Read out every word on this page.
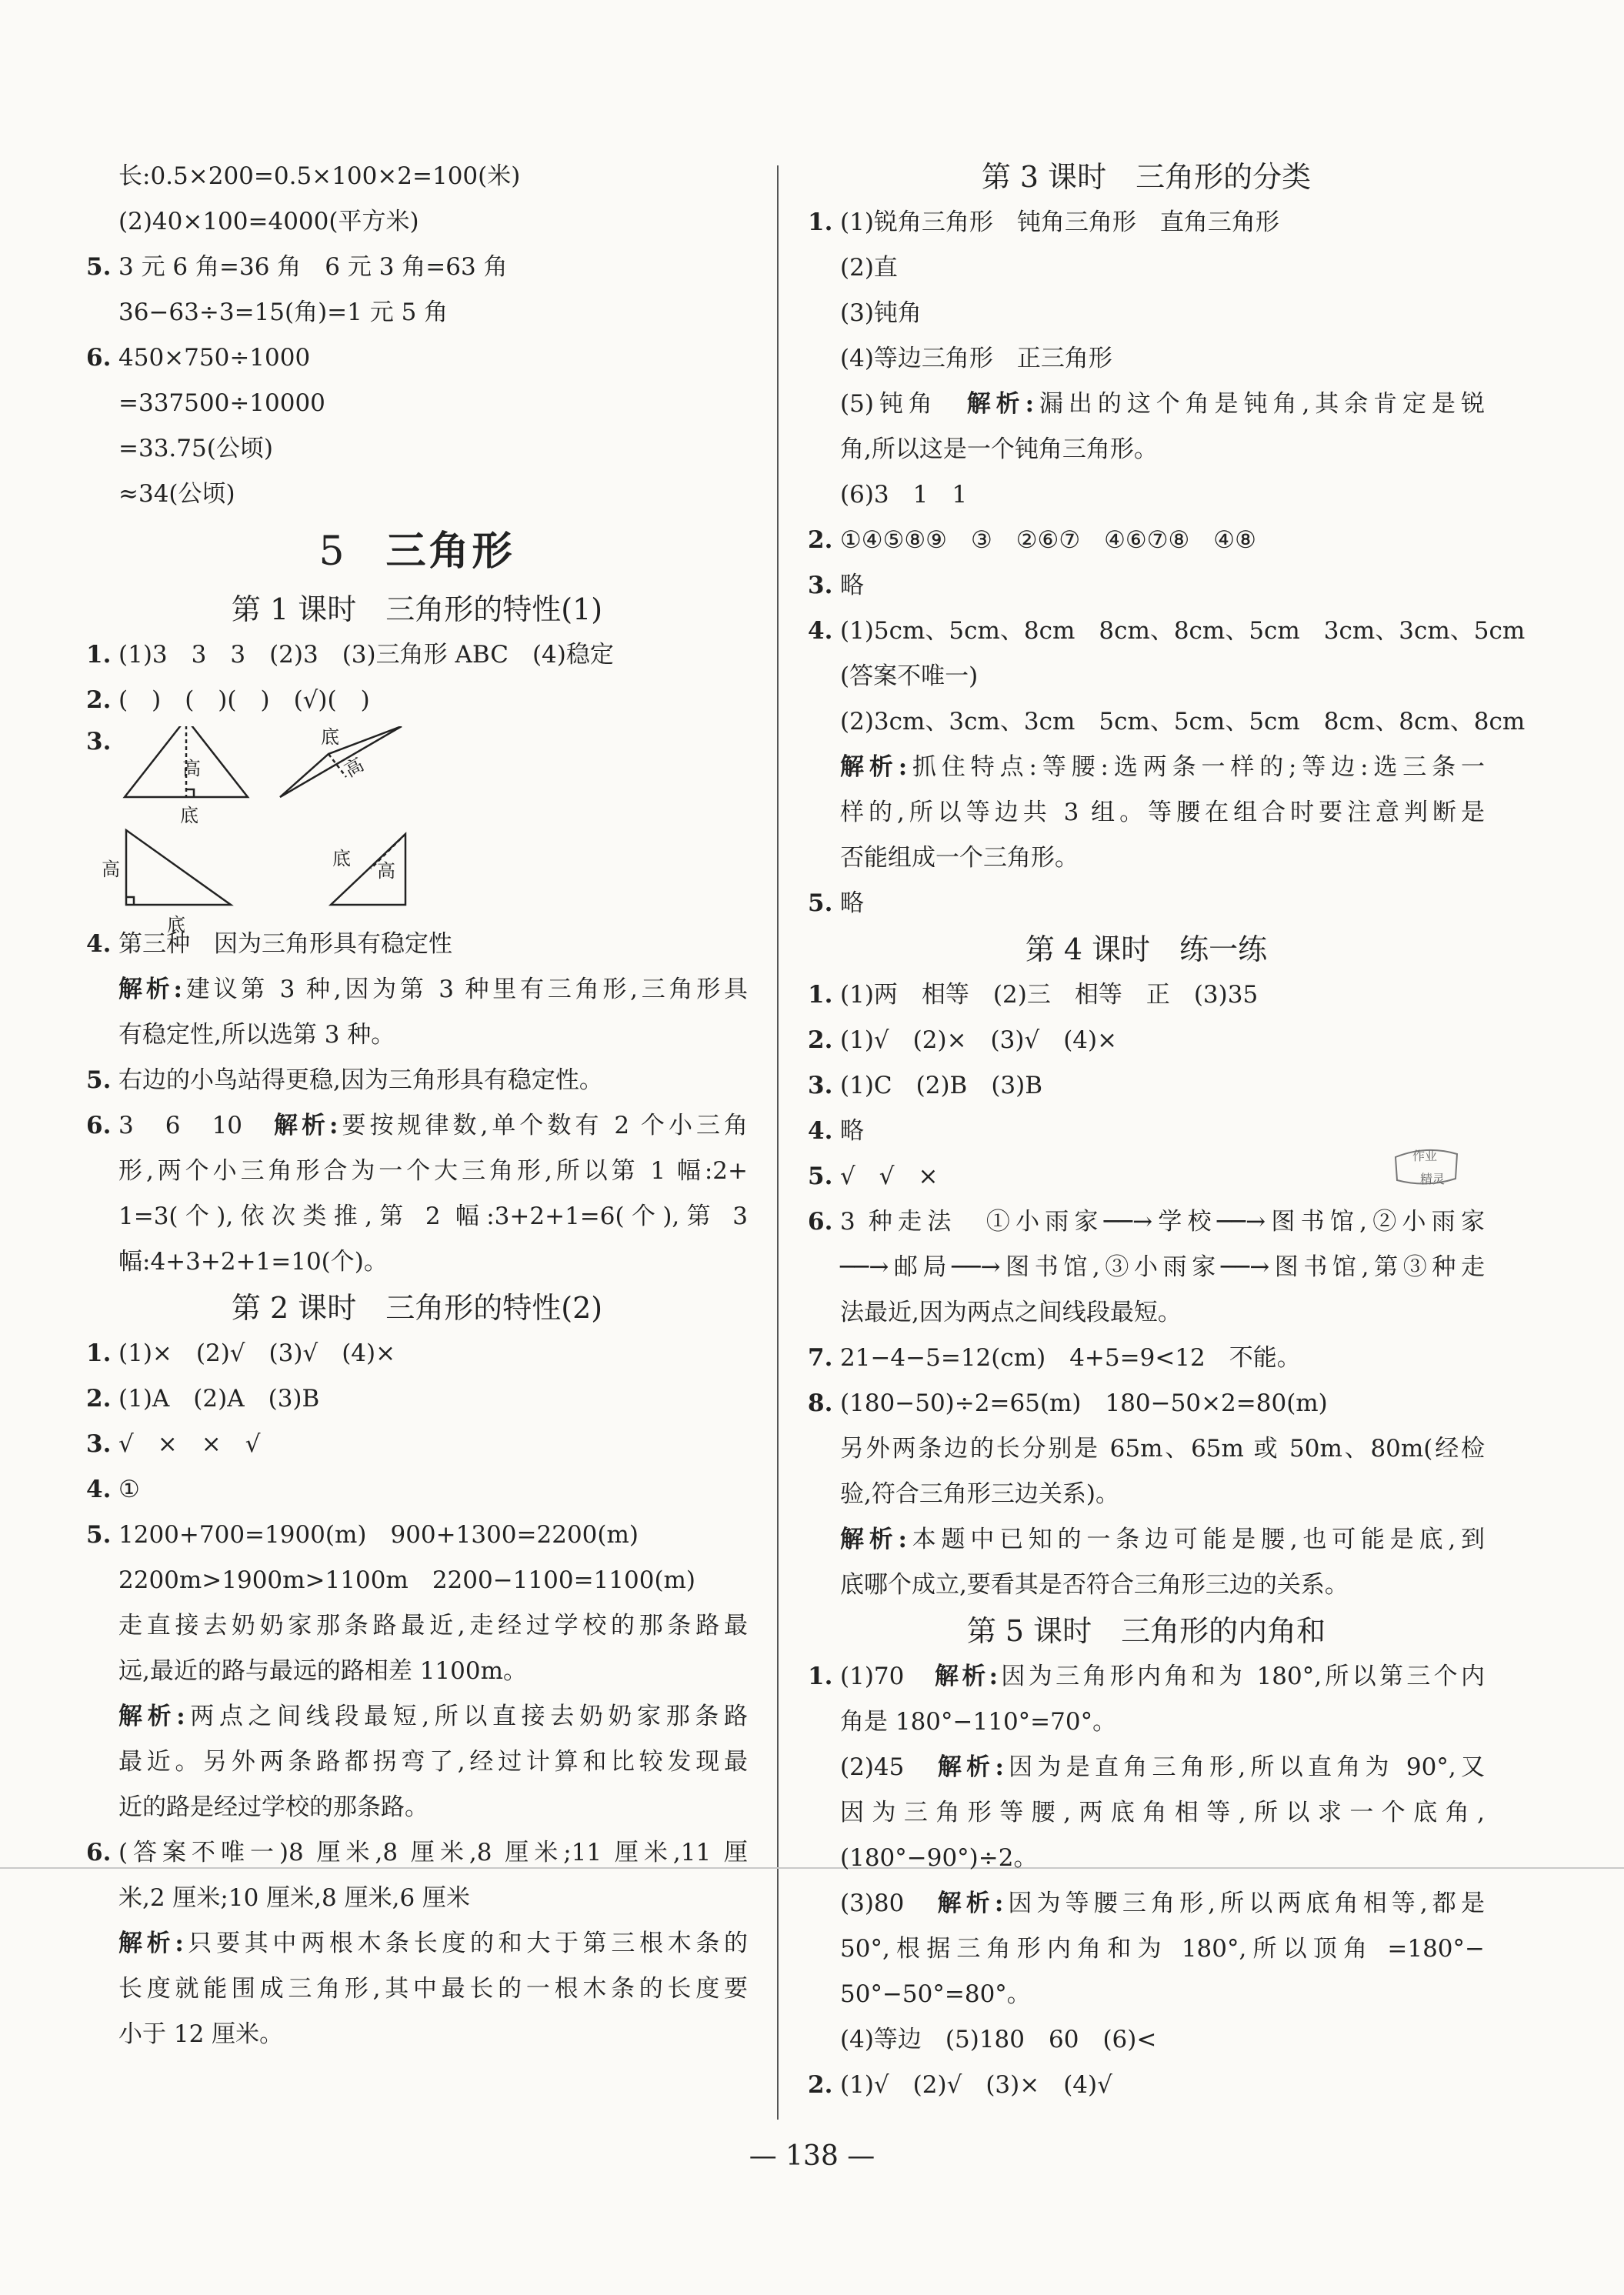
长:0.5×200=0.5×100×2=100(米)
(2)40×100=4000(平方米)
5. 3 元 6 角=36 角　6 元 3 角=63 角
36−63÷3=15(角)=1 元 5 角
6. 450×750÷1000
=337500÷10000
=33.75(公顷)
≈34(公顷)
5 三角形
第 1 课时　三角形的特性(1)
1. (1)3　3　3　(2)3　(3)三角形 ABC　(4)稳定
2. (　)　(　)(　)　(√)(　)
3.
高
底
底
高
高
底
底
高
4. 第三种　因为三角形具有稳定性
解析:建议第 3 种,因为第 3 种里有三角形,三角形具
有稳定性,所以选第 3 种。
5. 右边的小鸟站得更稳,因为三角形具有稳定性。
6. 3　6　10　 解析:要按规律数,单个数有 2 个小三角
形,两个小三角形合为一个大三角形,所以第 1 幅:2+
1=3(个),依次类推,第 2 幅:3+2+1=6(个),第 3
幅:4+3+2+1=10(个)。
第 2 课时　三角形的特性(2)
1. (1)×　(2)√　(3)√　(4)×
2. (1)A　(2)A　(3)B
3. √　×　×　√
4. ①
5. 1200+700=1900(m)　900+1300=2200(m)
2200m>1900m>1100m　2200−1100=1100(m)
走直接去奶奶家那条路最近,走经过学校的那条路最
远,最近的路与最远的路相差 1100m。
解析:两点之间线段最短,所以直接去奶奶家那条路
最近。另外两条路都拐弯了,经过计算和比较发现最
近的路是经过学校的那条路。
6. (答案不唯一)8 厘米,8 厘米,8 厘米;11 厘米,11 厘
米,2 厘米;10 厘米,8 厘米,6 厘米
解析:只要其中两根木条长度的和大于第三根木条的
长度就能围成三角形,其中最长的一根木条的长度要
小于 12 厘米。
第 3 课时　三角形的分类
1. (1)锐角三角形　钝角三角形　直角三角形
(2)直
(3)钝角
(4)等边三角形　正三角形
(5)钝角　 解析:漏出的这个角是钝角,其余肯定是锐
角,所以这是一个钝角三角形。
(6)3　1　1
2. ①④⑤⑧⑨　③　②⑥⑦　④⑥⑦⑧　④⑧
3. 略
4. (1)5cm、5cm、8cm　8cm、8cm、5cm　3cm、3cm、5cm
(答案不唯一)
(2)3cm、3cm、3cm　5cm、5cm、5cm　8cm、8cm、8cm
解析:抓住特点:等腰:选两条一样的;等边:选三条一
样的,所以等边共 3 组。等腰在组合时要注意判断是
否能组成一个三角形。
5. 略
第 4 课时　练一练
1. (1)两　相等　(2)三　相等　正　(3)35
2. (1)√　(2)×　(3)√　(4)×
3. (1)C　(2)B　(3)B
4. 略
5. √　√　×
6. 3 种走法　①小雨家──→学校──→图书馆,②小雨家
──→邮局──→图书馆,③小雨家──→图书馆,第③种走
法最近,因为两点之间线段最短。
7. 21−4−5=12(cm)　4+5=9<12　不能。
8. (180−50)÷2=65(m)　180−50×2=80(m)
另外两条边的长分别是 65m、65m 或 50m、80m(经检
验,符合三角形三边关系)。
解析:本题中已知的一条边可能是腰,也可能是底,到
底哪个成立,要看其是否符合三角形三边的关系。
第 5 课时　三角形的内角和
1. (1)70　 解析:因为三角形内角和为 180°,所以第三个内
角是 180°−110°=70°。
(2)45　 解析:因为是直角三角形,所以直角为 90°,又
因为三角形等腰,两底角相等,所以求一个底角,
(180°−90°)÷2。
(3)80　 解析:因为等腰三角形,所以两底角相等,都是
50°,根据三角形内角和为 180°,所以顶角 =180°−
50°−50°=80°。
(4)等边　(5)180　60　(6)<
2. (1)√　(2)√　(3)×　(4)√
作业
精灵
— 138 —
